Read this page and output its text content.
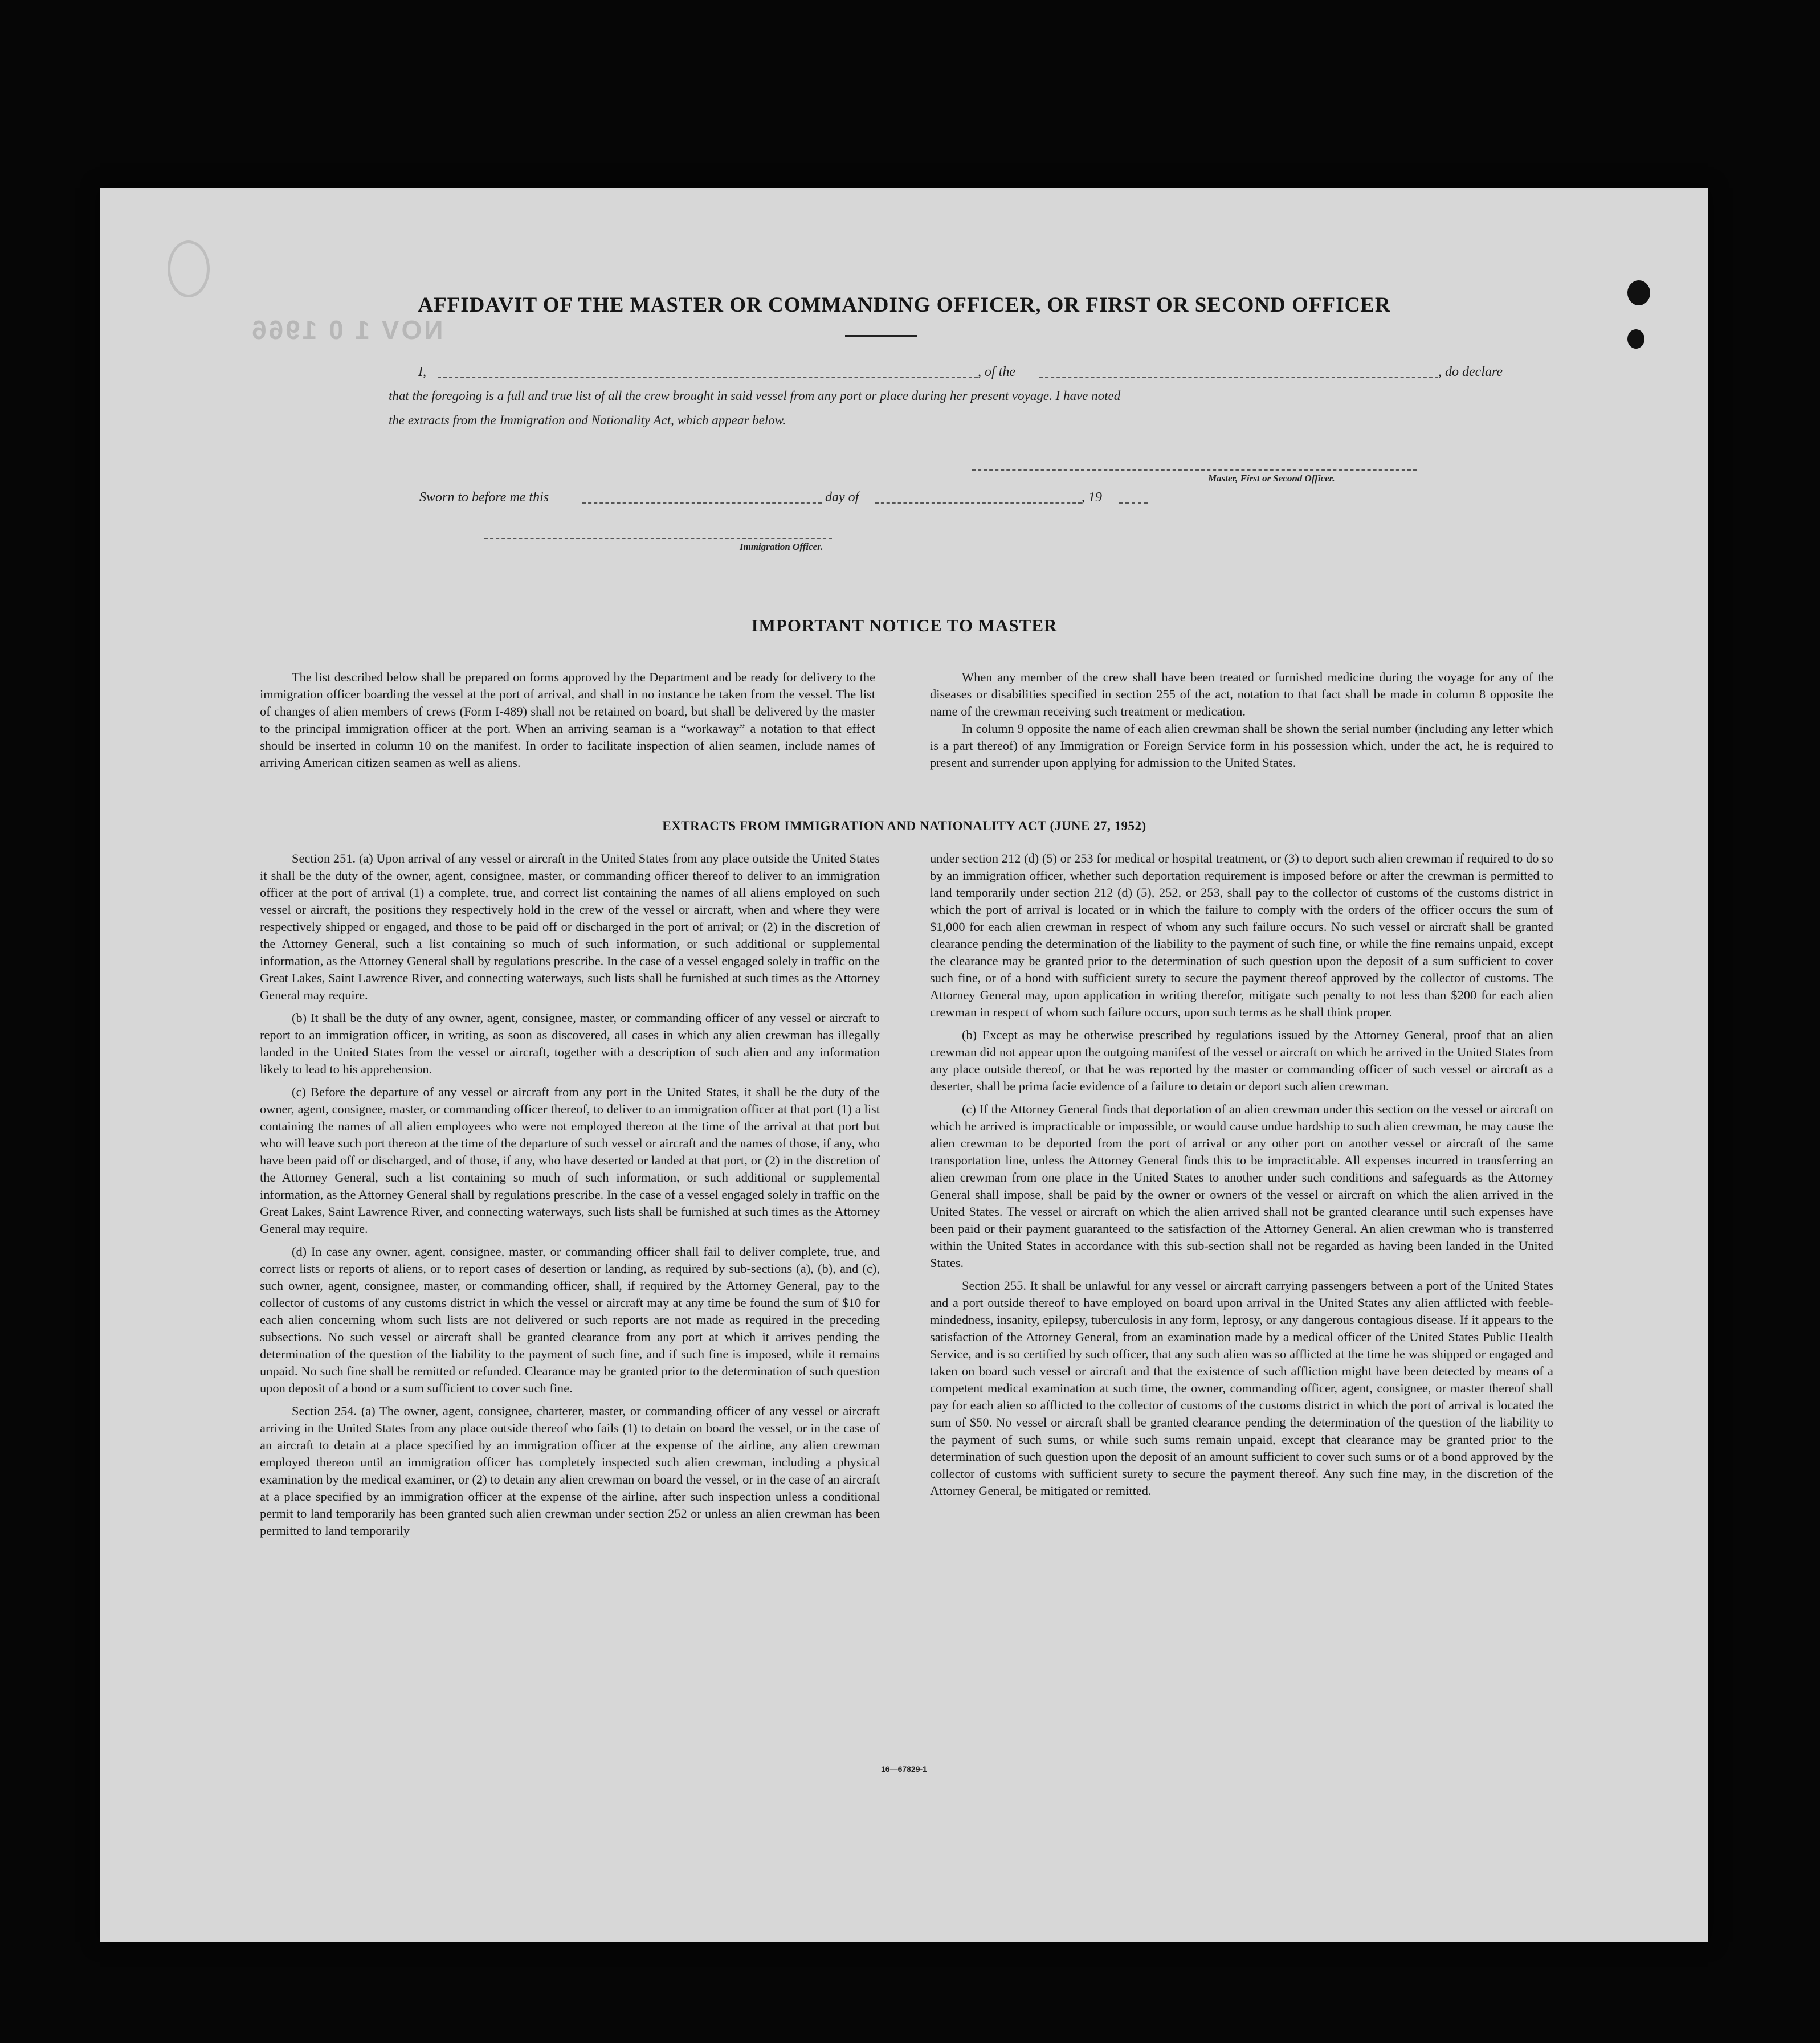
NOV 1 0 1966
AFFIDAVIT OF THE MASTER OR COMMANDING OFFICER, OR FIRST OR SECOND OFFICER
I,	, of the	, do declare
that the foregoing is a full and true list of all the crew brought in said vessel from any port or place during her present voyage. I have noted
the extracts from the Immigration and Nationality Act, which appear below.
Master, First or Second Officer.
Sworn to before me this	day of	, 19
Immigration Officer.
IMPORTANT NOTICE TO MASTER

The list described below shall be prepared on forms approved by the Department and be ready for delivery to the immigration officer boarding the vessel at the port of arrival, and shall in no instance be taken from the vessel. The list of changes of alien members of crews (Form I-489) shall not be retained on board, but shall be delivered by the master to the principal immigration officer at the port. When an arriving seaman is a “workaway” a notation to that effect should be inserted in column 10 on the manifest. In order to facilitate inspection of alien seamen, include names of arriving American citizen seamen as well as aliens.

When any member of the crew shall have been treated or furnished medicine during the voyage for any of the diseases or disabilities specified in section 255 of the act, notation to that fact shall be made in column 8 opposite the name of the crewman receiving such treatment or medication.

In column 9 opposite the name of each alien crewman shall be shown the serial number (including any letter which is a part thereof) of any Immigration or Foreign Service form in his possession which, under the act, he is required to present and surrender upon applying for admission to the United States.

EXTRACTS FROM IMMIGRATION AND NATIONALITY ACT (JUNE 27, 1952)

Section 251. (a) Upon arrival of any vessel or aircraft in the United States from any place outside the United States it shall be the duty of the owner, agent, consignee, master, or commanding officer thereof to deliver to an immigration officer at the port of arrival (1) a complete, true, and correct list containing the names of all aliens employed on such vessel or aircraft, the positions they respectively hold in the crew of the vessel or aircraft, when and where they were respectively shipped or engaged, and those to be paid off or discharged in the port of arrival; or (2) in the discretion of the Attorney General, such a list containing so much of such information, or such additional or supplemental information, as the Attorney General shall by regulations prescribe. In the case of a vessel engaged solely in traffic on the Great Lakes, Saint Lawrence River, and connecting waterways, such lists shall be furnished at such times as the Attorney General may require.

(b) It shall be the duty of any owner, agent, consignee, master, or commanding officer of any vessel or aircraft to report to an immigration officer, in writing, as soon as discovered, all cases in which any alien crewman has illegally landed in the United States from the vessel or aircraft, together with a description of such alien and any information likely to lead to his apprehension.

(c) Before the departure of any vessel or aircraft from any port in the United States, it shall be the duty of the owner, agent, consignee, master, or commanding officer thereof, to deliver to an immigration officer at that port (1) a list containing the names of all alien employees who were not employed thereon at the time of the arrival at that port but who will leave such port thereon at the time of the departure of such vessel or aircraft and the names of those, if any, who have been paid off or discharged, and of those, if any, who have deserted or landed at that port, or (2) in the discretion of the Attorney General, such a list containing so much of such information, or such additional or supplemental information, as the Attorney General shall by regulations prescribe. In the case of a vessel engaged solely in traffic on the Great Lakes, Saint Lawrence River, and connecting waterways, such lists shall be furnished at such times as the Attorney General may require.

(d) In case any owner, agent, consignee, master, or commanding officer shall fail to deliver complete, true, and correct lists or reports of aliens, or to report cases of desertion or landing, as required by sub-sections (a), (b), and (c), such owner, agent, consignee, master, or commanding officer, shall, if required by the Attorney General, pay to the collector of customs of any customs district in which the vessel or aircraft may at any time be found the sum of $10 for each alien concerning whom such lists are not delivered or such reports are not made as required in the preceding subsections. No such vessel or aircraft shall be granted clearance from any port at which it arrives pending the determination of the question of the liability to the payment of such fine, and if such fine is imposed, while it remains unpaid. No such fine shall be remitted or refunded. Clearance may be granted prior to the determination of such question upon deposit of a bond or a sum sufficient to cover such fine.

Section 254. (a) The owner, agent, consignee, charterer, master, or commanding officer of any vessel or aircraft arriving in the United States from any place outside thereof who fails (1) to detain on board the vessel, or in the case of an aircraft to detain at a place specified by an immigration officer at the expense of the airline, any alien crewman employed thereon until an immigration officer has completely inspected such alien crewman, including a physical examination by the medical examiner, or (2) to detain any alien crewman on board the vessel, or in the case of an aircraft at a place specified by an immigration officer at the expense of the airline, after such inspection unless a conditional permit to land temporarily has been granted such alien crewman under section 252 or unless an alien crewman has been permitted to land temporarily

under section 212 (d) (5) or 253 for medical or hospital treatment, or (3) to deport such alien crewman if required to do so by an immigration officer, whether such deportation requirement is imposed before or after the crewman is permitted to land temporarily under section 212 (d) (5), 252, or 253, shall pay to the collector of customs of the customs district in which the port of arrival is located or in which the failure to comply with the orders of the officer occurs the sum of $1,000 for each alien crewman in respect of whom any such failure occurs. No such vessel or aircraft shall be granted clearance pending the determination of the liability to the payment of such fine, or while the fine remains unpaid, except the clearance may be granted prior to the determination of such question upon the deposit of a sum sufficient to cover such fine, or of a bond with sufficient surety to secure the payment thereof approved by the collector of customs. The Attorney General may, upon application in writing therefor, mitigate such penalty to not less than $200 for each alien crewman in respect of whom such failure occurs, upon such terms as he shall think proper.

(b) Except as may be otherwise prescribed by regulations issued by the Attorney General, proof that an alien crewman did not appear upon the outgoing manifest of the vessel or aircraft on which he arrived in the United States from any place outside thereof, or that he was reported by the master or commanding officer of such vessel or aircraft as a deserter, shall be prima facie evidence of a failure to detain or deport such alien crewman.

(c) If the Attorney General finds that deportation of an alien crewman under this section on the vessel or aircraft on which he arrived is impracticable or impossible, or would cause undue hardship to such alien crewman, he may cause the alien crewman to be deported from the port of arrival or any other port on another vessel or aircraft of the same transportation line, unless the Attorney General finds this to be impracticable. All expenses incurred in transferring an alien crewman from one place in the United States to another under such conditions and safeguards as the Attorney General shall impose, shall be paid by the owner or owners of the vessel or aircraft on which the alien arrived in the United States. The vessel or aircraft on which the alien arrived shall not be granted clearance until such expenses have been paid or their payment guaranteed to the satisfaction of the Attorney General. An alien crewman who is transferred within the United States in accordance with this sub-section shall not be regarded as having been landed in the United States.

Section 255. It shall be unlawful for any vessel or aircraft carrying passengers between a port of the United States and a port outside thereof to have employed on board upon arrival in the United States any alien afflicted with feeble-mindedness, insanity, epilepsy, tuberculosis in any form, leprosy, or any dangerous contagious disease. If it appears to the satisfaction of the Attorney General, from an examination made by a medical officer of the United States Public Health Service, and is so certified by such officer, that any such alien was so afflicted at the time he was shipped or engaged and taken on board such vessel or aircraft and that the existence of such affliction might have been detected by means of a competent medical examination at such time, the owner, commanding officer, agent, consignee, or master thereof shall pay for each alien so afflicted to the collector of customs of the customs district in which the port of arrival is located the sum of $50. No vessel or aircraft shall be granted clearance pending the determination of the question of the liability to the payment of such sums, or while such sums remain unpaid, except that clearance may be granted prior to the determination of such question upon the deposit of an amount sufficient to cover such sums or of a bond approved by the collector of customs with sufficient surety to secure the payment thereof. Any such fine may, in the discretion of the Attorney General, be mitigated or remitted.

16—67829-1
